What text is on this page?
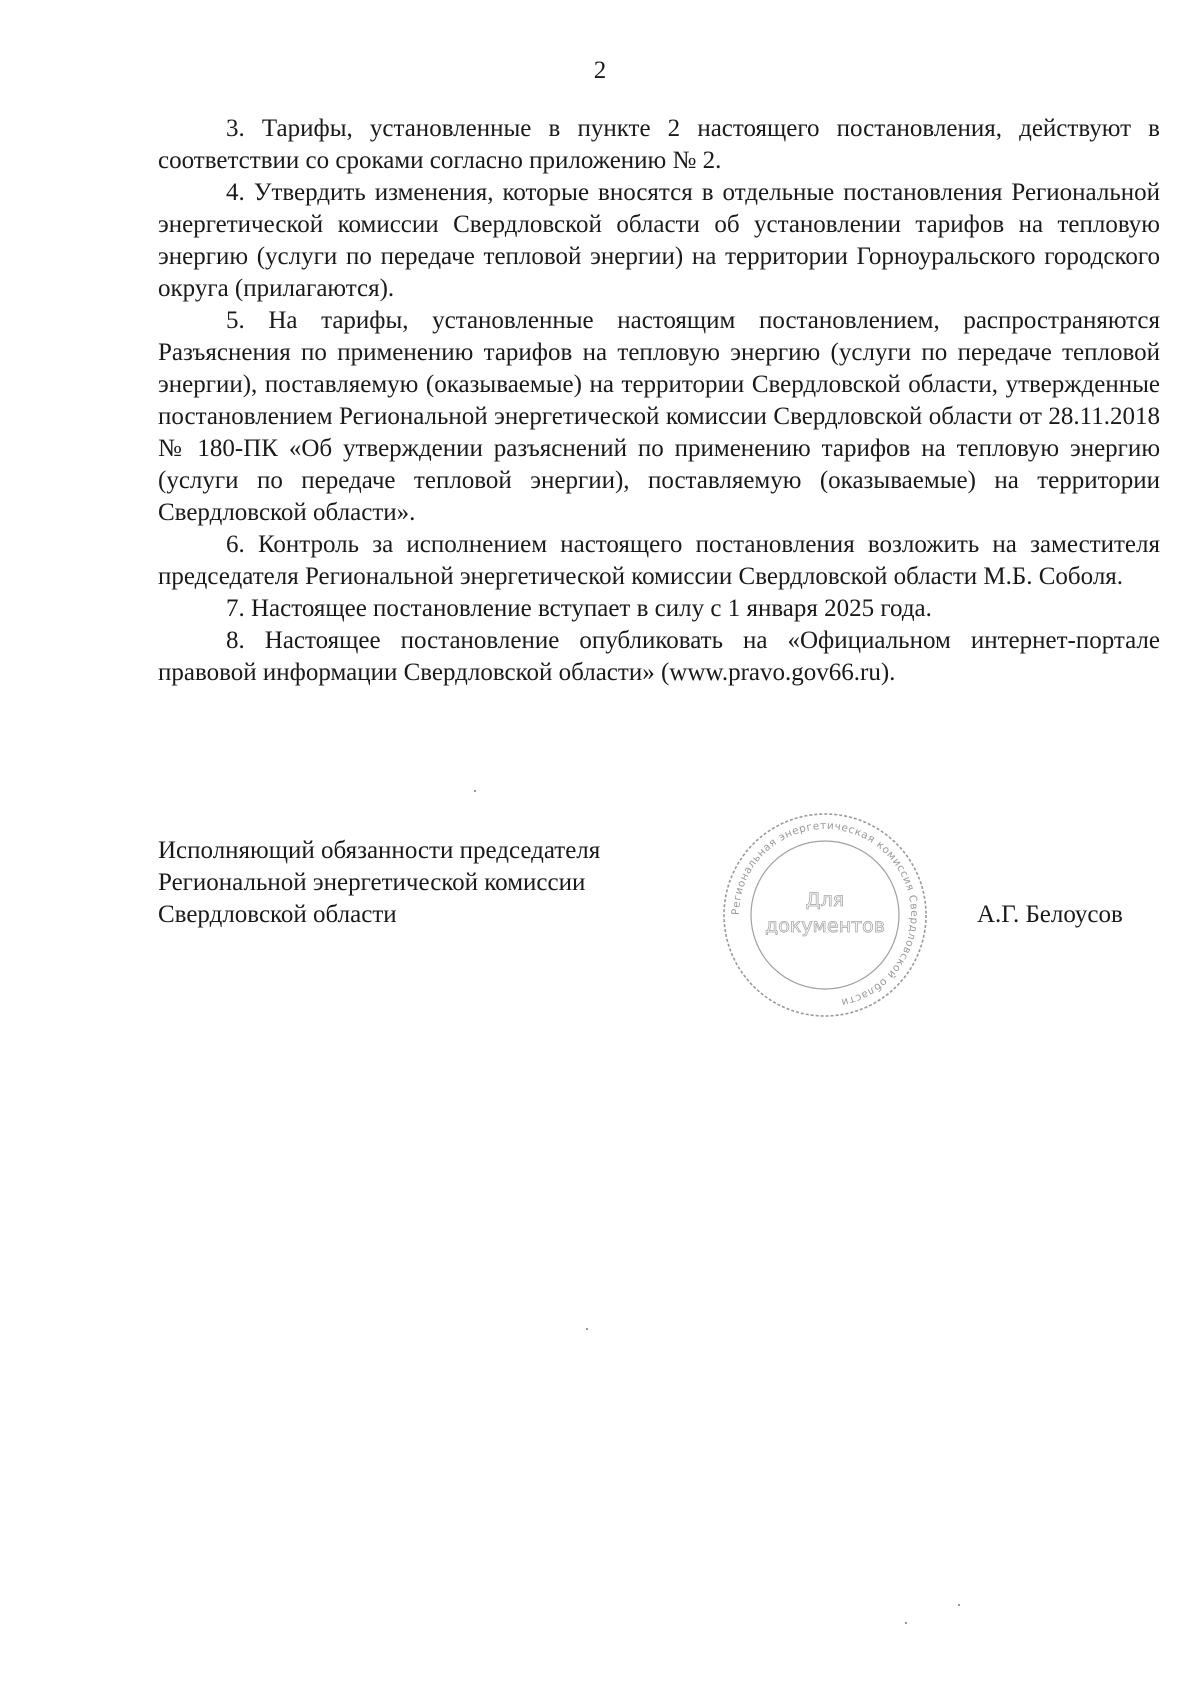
2

3. Тарифы, установленные в пункте 2 настоящего постановления, действуют в соответствии со сроками согласно приложению № 2.

4. Утвердить изменения, которые вносятся в отдельные постановления Региональной энергетической комиссии Свердловской области об установлении тарифов на тепловую энергию (услуги по передаче тепловой энергии) на территории Горноуральского городского округа (прилагаются).

5. На тарифы, установленные настоящим постановлением, распространяются Разъяснения по применению тарифов на тепловую энергию (услуги по передаче тепловой энергии), поставляемую (оказываемые) на территории Свердловской области, утвержденные постановлением Региональной энергетической комиссии Свердловской области от 28.11.2018 № 180-ПК «Об утверждении разъяснений по применению тарифов на тепловую энергию (услуги по передаче тепловой энергии), поставляемую (оказываемые) на территории Свердловской области».

6. Контроль за исполнением настоящего постановления возложить на заместителя председателя Региональной энергетической комиссии Свердловской области М.Б. Соболя.

7. Настоящее постановление вступает в силу с 1 января 2025 года.

8. Настоящее постановление опубликовать на «Официальном интернет-портале правовой информации Свердловской области» (www.pravo.gov66.ru).

Исполняющий обязанности председателя
Региональной энергетической комиссии
Свердловской области	А.Г. Белоусов
Региональная энергетическая комиссия Свердловской области
Для
документов
